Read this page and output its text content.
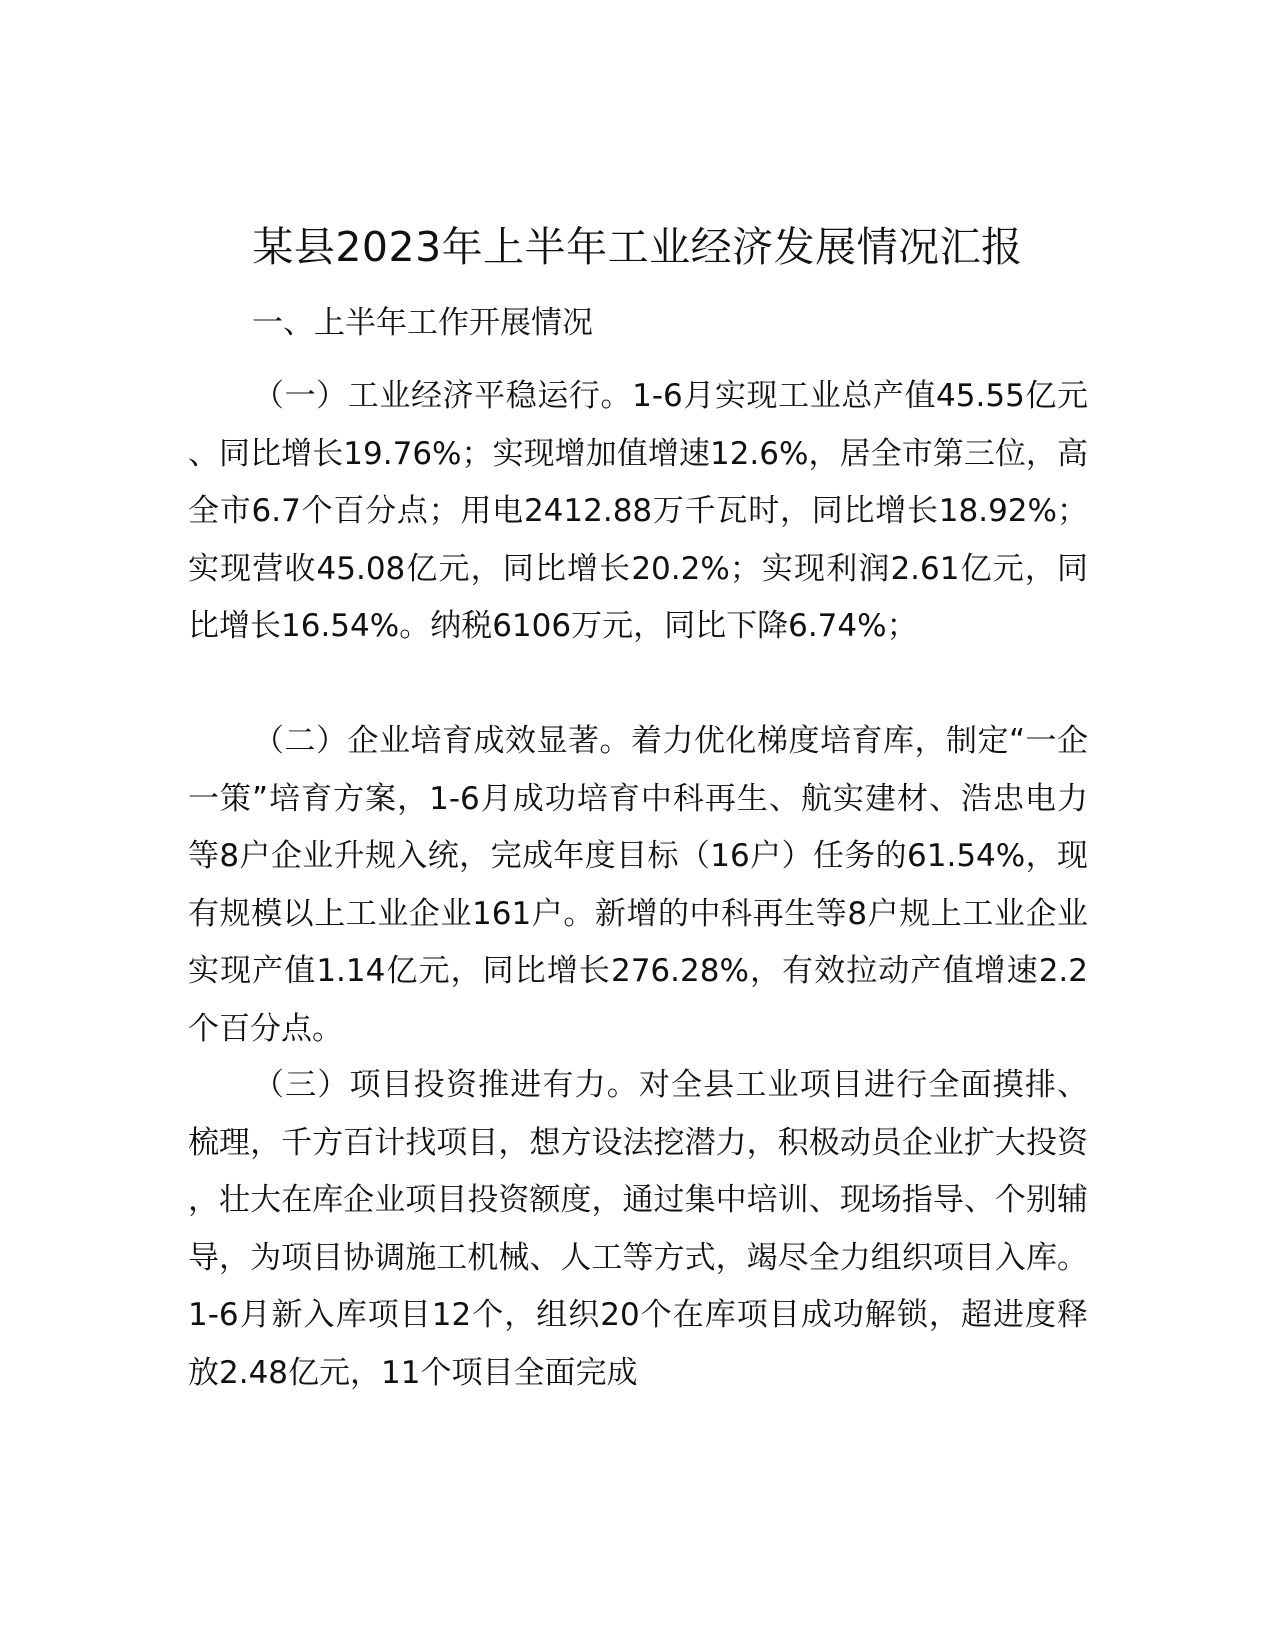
某县2023年上半年工业经济发展情况汇报
一、上半年工作开展情况

（一）工业经济平稳运行。1-6月实现工业总产值45.55亿元、同比增长19.76%；实现增加值增速12.6%，居全市第三位，高全市6.7个百分点；用电2412.88万千瓦时，同比增长18.92%；实现营收45.08亿元，同比增长20.2%；实现利润2.61亿元，同比增长16.54%。纳税6106万元，同比下降6.74%；

（二）企业培育成效显著。着力优化梯度培育库，制定“一企一策”培育方案，1-6月成功培育中科再生、航实建材、浩忠电力等8户企业升规入统，完成年度目标（16户）任务的61.54%，现有规模以上工业企业161户。新增的中科再生等8户规上工业企业实现产值1.14亿元，同比增长276.28%，有效拉动产值增速2.2个百分点。

（三）项目投资推进有力。对全县工业项目进行全面摸排、梳理，千方百计找项目，想方设法挖潜力，积极动员企业扩大投资，壮大在库企业项目投资额度，通过集中培训、现场指导、个别辅导，为项目协调施工机械、人工等方式，竭尽全力组织项目入库。1-6月新入库项目12个，组织20个在库项目成功解锁，超进度释放2.48亿元，11个项目全面完成
